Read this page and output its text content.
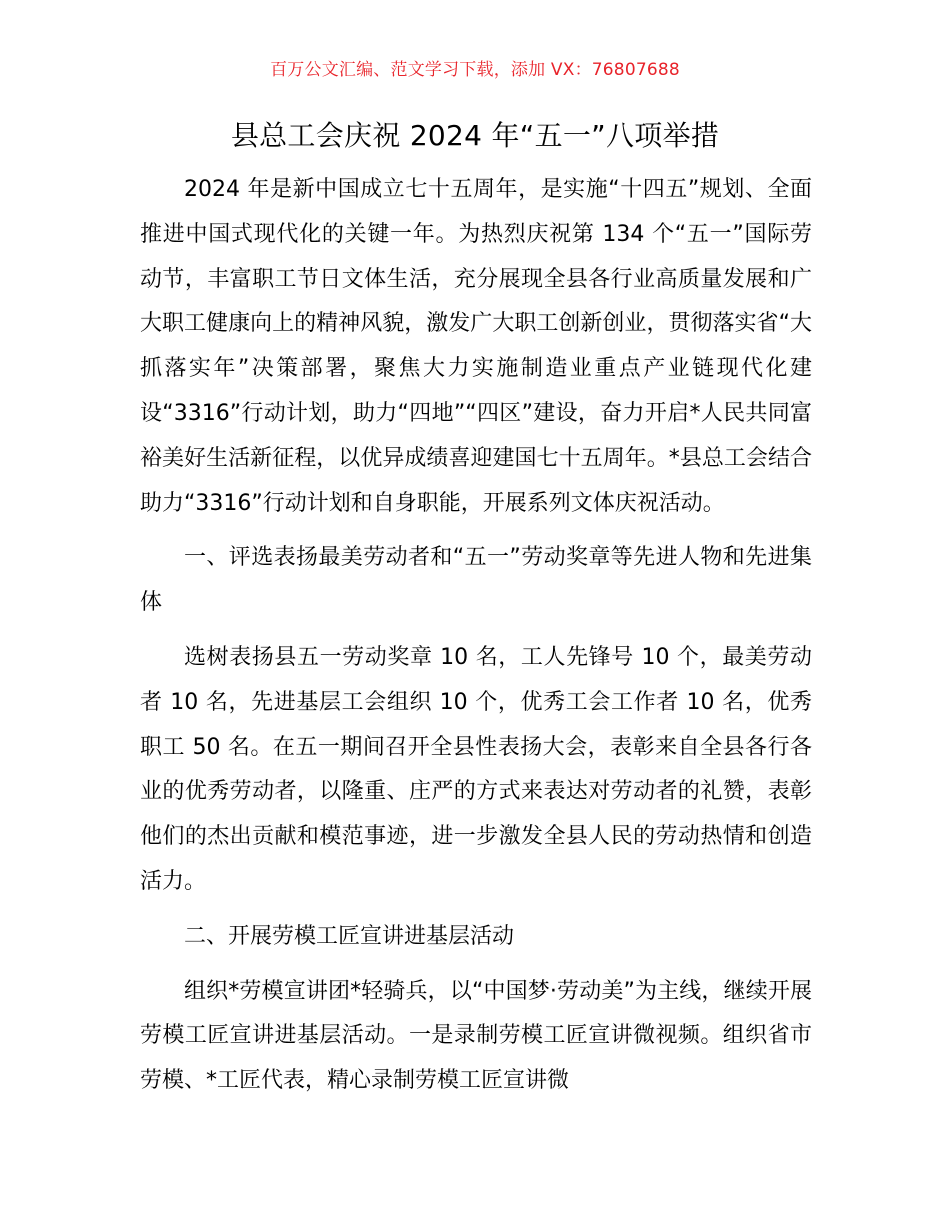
百万公文汇编、范文学习下载，添加 VX：76807688
县总工会庆祝 2024 年“五一”八项举措

2024 年是新中国成立七十五周年，是实施“十四五”规划、全面推进中国式现代化的关键一年。为热烈庆祝第 134 个“五一”国际劳动节，丰富职工节日文体生活，充分展现全县各行业高质量发展和广大职工健康向上的精神风貌，激发广大职工创新创业，贯彻落实省“大抓落实年”决策部署，聚焦大力实施制造业重点产业链现代化建设“3316”行动计划，助力“四地”“四区”建设，奋力开启*人民共同富裕美好生活新征程，以优异成绩喜迎建国七十五周年。*县总工会结合助力“3316”行动计划和自身职能，开展系列文体庆祝活动。

一、评选表扬最美劳动者和“五一”劳动奖章等先进人物和先进集体

选树表扬县五一劳动奖章 10 名，工人先锋号 10 个，最美劳动者 10 名，先进基层工会组织 10 个，优秀工会工作者 10 名，优秀职工 50 名。在五一期间召开全县性表扬大会，表彰来自全县各行各业的优秀劳动者，以隆重、庄严的方式来表达对劳动者的礼赞，表彰他们的杰出贡献和模范事迹，进一步激发全县人民的劳动热情和创造活力。

二、开展劳模工匠宣讲进基层活动

组织*劳模宣讲团*轻骑兵，以“中国梦·劳动美”为主线，继续开展劳模工匠宣讲进基层活动。一是录制劳模工匠宣讲微视频。组织省市劳模、*工匠代表，精心录制劳模工匠宣讲微
